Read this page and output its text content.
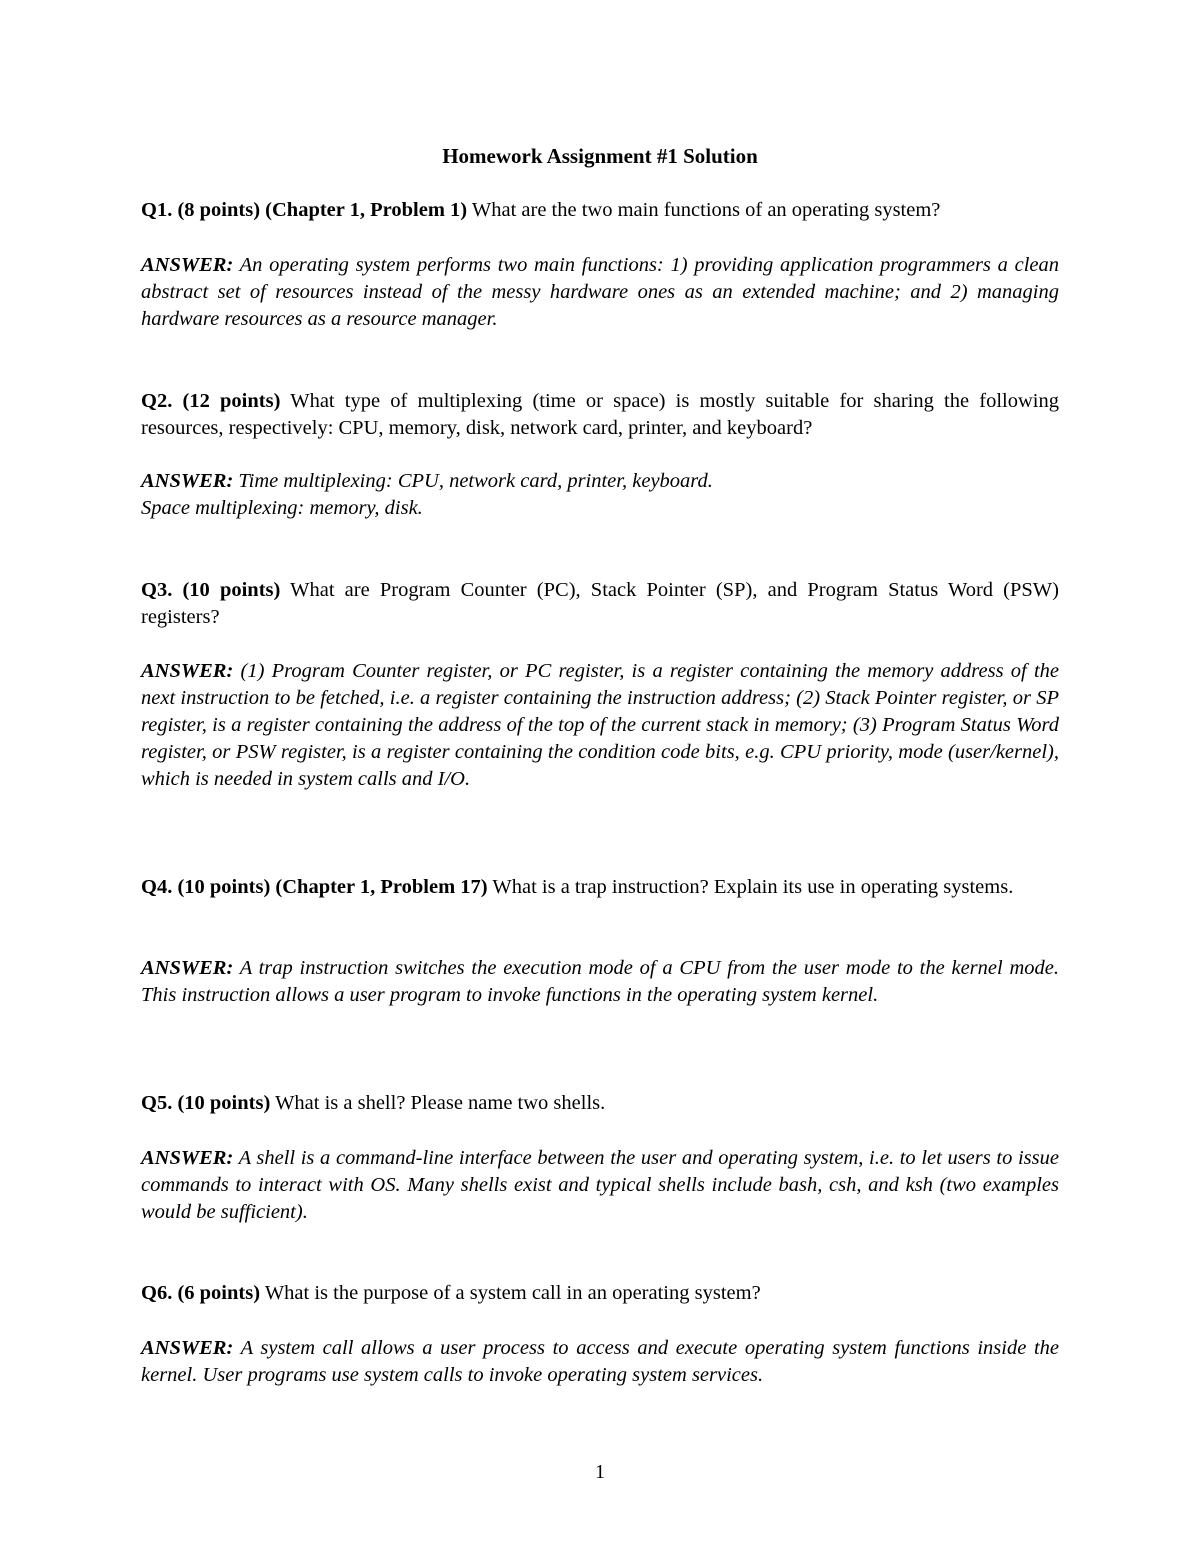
Homework Assignment #1 Solution

Q1. (8 points) (Chapter 1, Problem 1) What are the two main functions of an operating system?

ANSWER: An operating system performs two main functions: 1) providing application programmers a clean abstract set of resources instead of the messy hardware ones as an extended machine; and 2) managing hardware resources as a resource manager.

Q2. (12 points) What type of multiplexing (time or space) is mostly suitable for sharing the following resources, respectively: CPU, memory, disk, network card, printer, and keyboard?

ANSWER: Time multiplexing: CPU, network card, printer, keyboard.
Space multiplexing: memory, disk.

Q3. (10 points) What are Program Counter (PC), Stack Pointer (SP), and Program Status Word (PSW) registers?

ANSWER: (1) Program Counter register, or PC register, is a register containing the memory address of the next instruction to be fetched, i.e. a register containing the instruction address; (2) Stack Pointer register, or SP register, is a register containing the address of the top of the current stack in memory; (3) Program Status Word register, or PSW register, is a register containing the condition code bits, e.g. CPU priority, mode (user/kernel), which is needed in system calls and I/O.

Q4. (10 points) (Chapter 1, Problem 17) What is a trap instruction? Explain its use in operating systems.

ANSWER: A trap instruction switches the execution mode of a CPU from the user mode to the kernel mode. This instruction allows a user program to invoke functions in the operating system kernel.

Q5. (10 points) What is a shell? Please name two shells.

ANSWER: A shell is a command-line interface between the user and operating system, i.e. to let users to issue commands to interact with OS. Many shells exist and typical shells include bash, csh, and ksh (two examples would be sufficient).

Q6. (6 points) What is the purpose of a system call in an operating system?

ANSWER: A system call allows a user process to access and execute operating system functions inside the kernel. User programs use system calls to invoke operating system services.

1
